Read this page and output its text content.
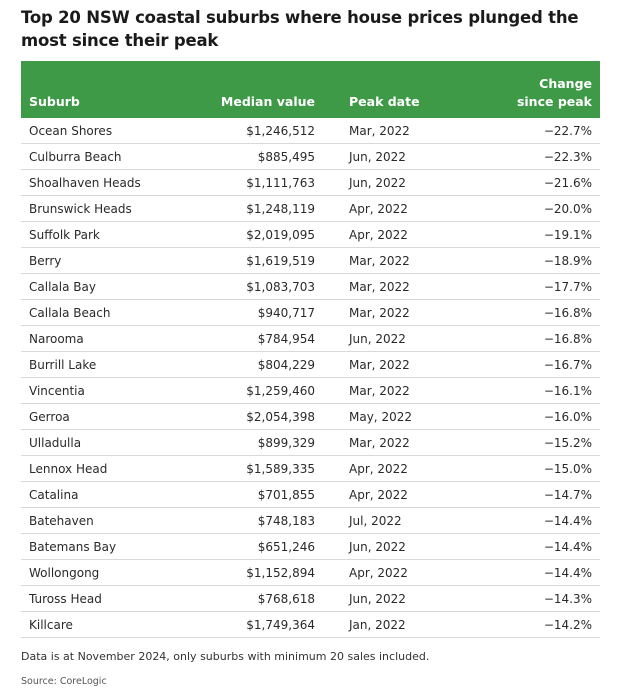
Top 20 NSW coastal suburbs where house prices plunged the most since their peak
Suburb	Median value	Peak date	Change since peak

Ocean Shores	$1,246,512	Mar, 2022	−22.7%
Culburra Beach	$885,495	Jun, 2022	−22.3%
Shoalhaven Heads	$1,111,763	Jun, 2022	−21.6%
Brunswick Heads	$1,248,119	Apr, 2022	−20.0%
Suffolk Park	$2,019,095	Apr, 2022	−19.1%
Berry	$1,619,519	Mar, 2022	−18.9%
Callala Bay	$1,083,703	Mar, 2022	−17.7%
Callala Beach	$940,717	Mar, 2022	−16.8%
Narooma	$784,954	Jun, 2022	−16.8%
Burrill Lake	$804,229	Mar, 2022	−16.7%
Vincentia	$1,259,460	Mar, 2022	−16.1%
Gerroa	$2,054,398	May, 2022	−16.0%
Ulladulla	$899,329	Mar, 2022	−15.2%
Lennox Head	$1,589,335	Apr, 2022	−15.0%
Catalina	$701,855	Apr, 2022	−14.7%
Batehaven	$748,183	Jul, 2022	−14.4%
Batemans Bay	$651,246	Jun, 2022	−14.4%
Wollongong	$1,152,894	Apr, 2022	−14.4%
Tuross Head	$768,618	Jun, 2022	−14.3%
Killcare	$1,749,364	Jan, 2022	−14.2%
Data is at November 2024, only suburbs with minimum 20 sales included.
Source: CoreLogic
